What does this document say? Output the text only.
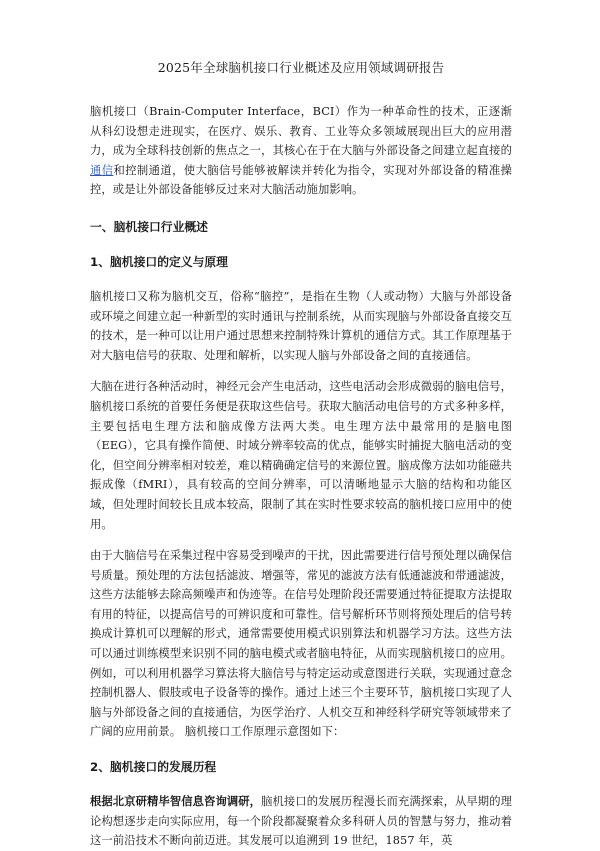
2025年全球脑机接口行业概述及应用领域调研报告

脑机接口（Brain-Computer Interface，BCI）作为一种革命性的技术，正逐渐从科幻设想走进现实，在医疗、娱乐、教育、工业等众多领域展现出巨大的应用潜力，成为全球科技创新的焦点之一，其核心在于在大脑与外部设备之间建立起直接的通信和控制通道，使大脑信号能够被解读并转化为指令，实现对外部设备的精准操控，或是让外部设备能够反过来对大脑活动施加影响。

一、脑机接口行业概述
1、脑机接口的定义与原理

脑机接口又称为脑机交互，俗称“脑控”，是指在生物（人或动物）大脑与外部设备或环境之间建立起一种新型的实时通讯与控制系统，从而实现脑与外部设备直接交互的技术，是一种可以让用户通过思想来控制特殊计算机的通信方式。其工作原理基于对大脑电信号的获取、处理和解析，以实现人脑与外部设备之间的直接通信。

大脑在进行各种活动时，神经元会产生电活动，这些电活动会形成微弱的脑电信号，脑机接口系统的首要任务便是获取这些信号。获取大脑活动电信号的方式多种多样，主要包括电生理方法和脑成像方法两大类。电生理方法中最常用的是脑电图（EEG），它具有操作简便、时域分辨率较高的优点，能够实时捕捉大脑电活动的变化，但空间分辨率相对较差，难以精确确定信号的来源位置。脑成像方法如功能磁共振成像（fMRI），具有较高的空间分辨率，可以清晰地显示大脑的结构和功能区域，但处理时间较长且成本较高，限制了其在实时性要求较高的脑机接口应用中的使用。

由于大脑信号在采集过程中容易受到噪声的干扰，因此需要进行信号预处理以确保信号质量。预处理的方法包括滤波、增强等，常见的滤波方法有低通滤波和带通滤波，这些方法能够去除高频噪声和伪迹等。在信号处理阶段还需要通过特征提取方法提取有用的特征，以提高信号的可辨识度和可靠性。信号解析环节则将预处理后的信号转换成计算机可以理解的形式，通常需要使用模式识别算法和机器学习方法。这些方法可以通过训练模型来识别不同的脑电模式或者脑电特征，从而实现脑机接口的应用。例如，可以利用机器学习算法将大脑信号与特定运动或意图进行关联，实现通过意念控制机器人、假肢或电子设备等的操作。通过上述三个主要环节，脑机接口实现了人脑与外部设备之间的直接通信，为医学治疗、人机交互和神经科学研究等领域带来了广阔的应用前景。 脑机接口工作原理示意图如下：

2、脑机接口的发展历程

根据北京研精毕智信息咨询调研，脑机接口的发展历程漫长而充满探索，从早期的理论构想逐步走向实际应用，每一个阶段都凝聚着众多科研人员的智慧与努力，推动着这一前沿技术不断向前迈进。其发展可以追溯到 19 世纪，1857 年，英
